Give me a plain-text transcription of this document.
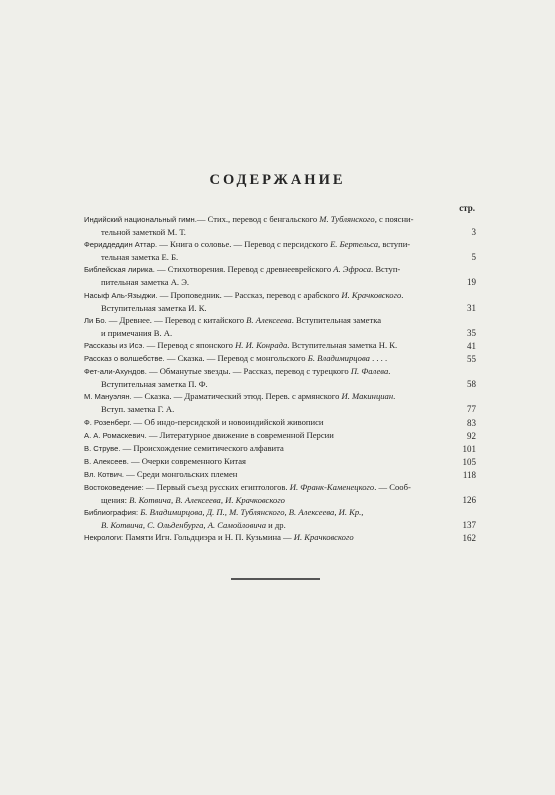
СОДЕРЖАНИЕ
стр.
Индийский национальный гимн.— Стих., перевод с бенгальского М. Тублянского, с поясни-
тельной заметкой М. Т.	3
Фериддеддин Аттар. — Книга о соловье. — Перевод с персидского Е. Бертельса, вступи-
тельная заметка Е. Б.	5
Библейская лирика. — Стихотворения. Перевод с древнееврейского А. Эфроса. Вступ-
пительная заметка А. Э.	19
Насыф Аль-Языджи. — Проповедник. — Рассказ, перевод с арабского И. Крачковского.
Вступительная заметка И. К.	31
Ли Бо. — Древнее. — Перевод с китайского В. Алексеева. Вступительная заметка
и примечания В. А.	35
Рассказы из Исэ. — Перевод с японского Н. И. Конрада. Вступительная заметка Н. К.	41
Рассказ о волшебстве. — Сказка. — Перевод с монгольского Б. Владимирцова . . . .	55
Фет-али-Ахундов. — Обманутые звезды. — Рассказ, перевод с турецкого П. Фалева.
Вступительная заметка П. Ф.	58
М. Мануэлян. — Сказка. — Драматический этюд. Перев. с армянского И. Макинциан.
Вступ. заметка Г. А.	77
Ф. Розенберг. — Об индо-персидской и новоиндийской живописи	83
А. А. Ромаскевич. — Литературное движение в современной Персии	92
В. Струве. — Происхождение семитического алфавита	101
В. Алексеев. — Очерки современного Китая	105
Вл. Котвич. — Среди монгольских племен	118
Востоковедение: — Первый съезд русских египтологов. И. Франк-Каменецкого. — Сооб-
щения: В. Котвича, В. Алексеева, И. Крачковского	126
Библиография: Б. Владимирцова, Д. П., М. Тублянского, В. Алексеева, И. Кр.,
В. Котвича, С. Ольденбурга, А. Самойловича и др.	137
Некрологи: Памяти Игн. Гольдциэра и Н. П. Кузьмина — И. Крачковского	162
